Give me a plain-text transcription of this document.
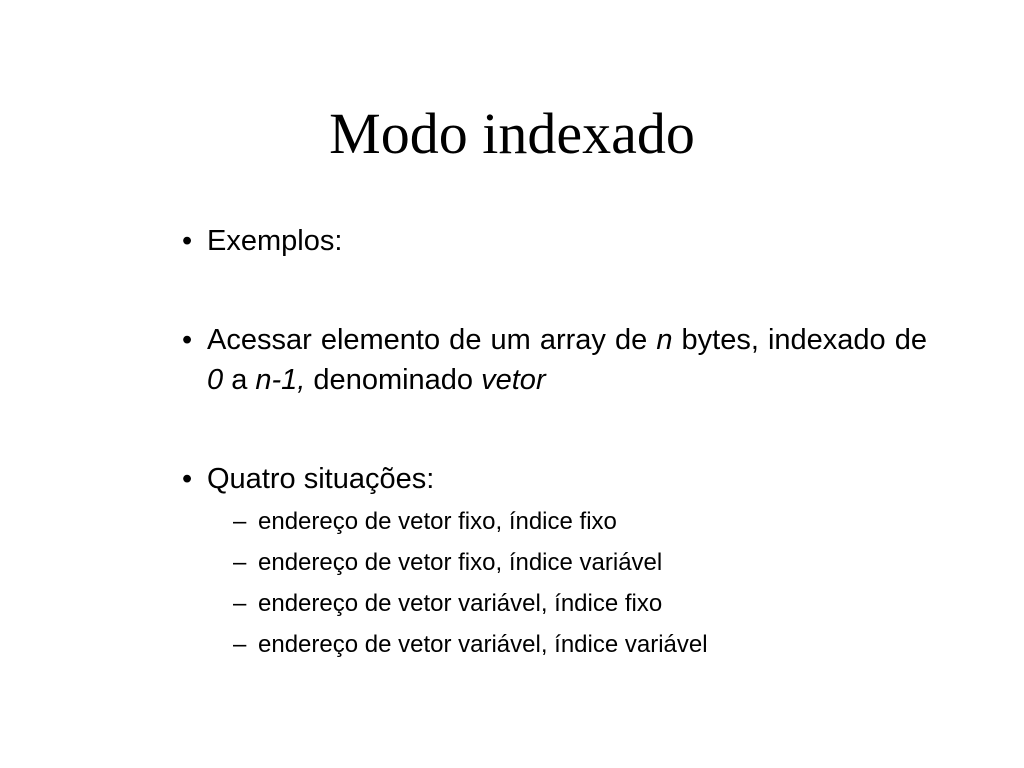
Modo indexado
• Exemplos:
• Acessar elemento de um array de n bytes, indexado de 0 a n-1, denominado vetor
• Quatro situações:
– endereço de vetor fixo, índice fixo
– endereço de vetor fixo, índice variável
– endereço de vetor variável, índice fixo
– endereço de vetor variável, índice variável
